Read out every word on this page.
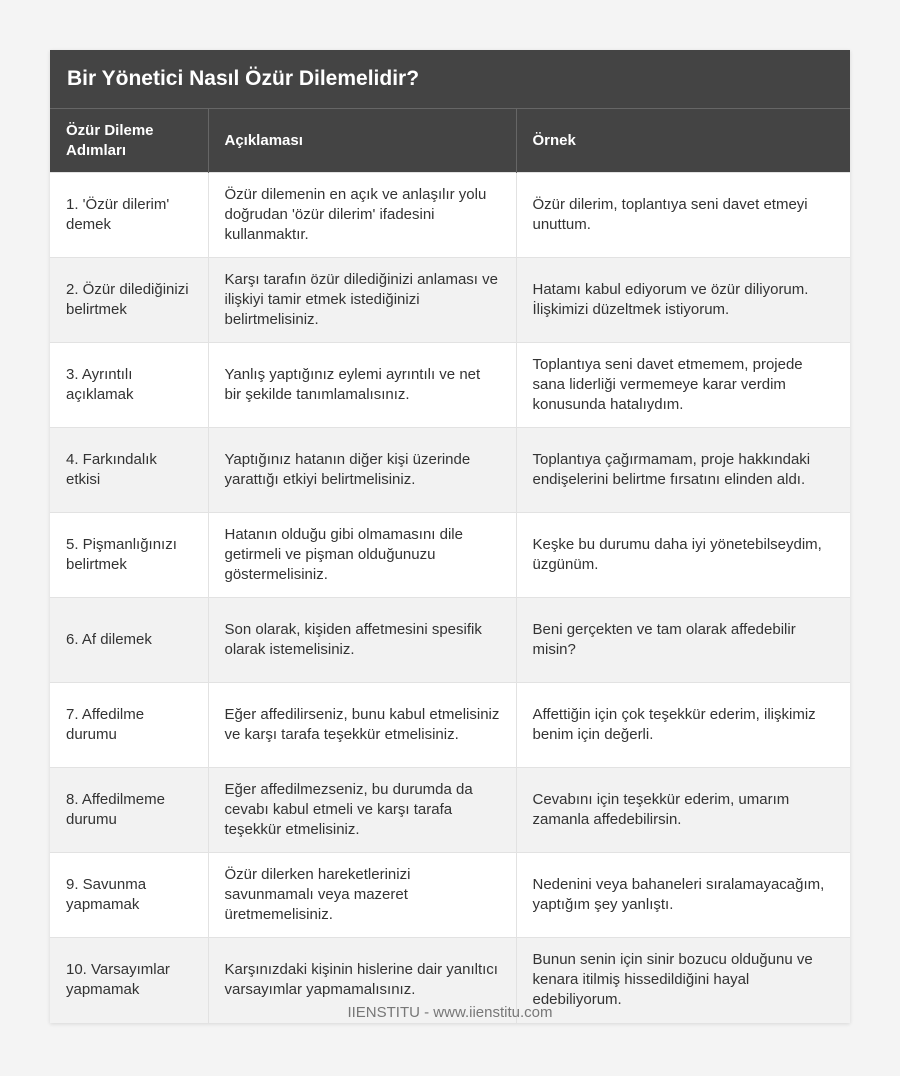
Bir Yönetici Nasıl Özür Dilemelidir?
Özür Dileme Adımları	Açıklaması	Örnek
1. 'Özür dilerim' demek	Özür dilemenin en açık ve anlaşılır yolu doğrudan 'özür dilerim' ifadesini kullanmaktır.	Özür dilerim, toplantıya seni davet etmeyi unuttum.
2. Özür dilediğinizi belirtmek	Karşı tarafın özür dilediğinizi anlaması ve ilişkiyi tamir etmek istediğinizi belirtmelisiniz.	Hatamı kabul ediyorum ve özür diliyorum. İlişkimizi düzeltmek istiyorum.
3. Ayrıntılı açıklamak	Yanlış yaptığınız eylemi ayrıntılı ve net bir şekilde tanımlamalısınız.	Toplantıya seni davet etmemem, projede sana liderliği vermemeye karar verdim konusunda hatalıydım.
4. Farkındalık etkisi	Yaptığınız hatanın diğer kişi üzerinde yarattığı etkiyi belirtmelisiniz.	Toplantıya çağırmamam, proje hakkındaki endişelerini belirtme fırsatını elinden aldı.
5. Pişmanlığınızı belirtmek	Hatanın olduğu gibi olmamasını dile getirmeli ve pişman olduğunuzu göstermelisiniz.	Keşke bu durumu daha iyi yönetebilseydim, üzgünüm.
6. Af dilemek	Son olarak, kişiden affetmesini spesifik olarak istemelisiniz.	Beni gerçekten ve tam olarak affedebilir misin?
7. Affedilme durumu	Eğer affedilirseniz, bunu kabul etmelisiniz ve karşı tarafa teşekkür etmelisiniz.	Affettiğin için çok teşekkür ederim, ilişkimiz benim için değerli.
8. Affedilmeme durumu	Eğer affedilmezseniz, bu durumda da cevabı kabul etmeli ve karşı tarafa teşekkür etmelisiniz.	Cevabını için teşekkür ederim, umarım zamanla affedebilirsin.
9. Savunma yapmamak	Özür dilerken hareketlerinizi savunmamalı veya mazeret üretmemelisiniz.	Nedenini veya bahaneleri sıralamayacağım, yaptığım şey yanlıştı.
10. Varsayımlar yapmamak	Karşınızdaki kişinin hislerine dair yanıltıcı varsayımlar yapmamalısınız.	Bunun senin için sinir bozucu olduğunu ve kenara itilmiş hissedildiğini hayal edebiliyorum.
IIENSTITU - www.iienstitu.com
